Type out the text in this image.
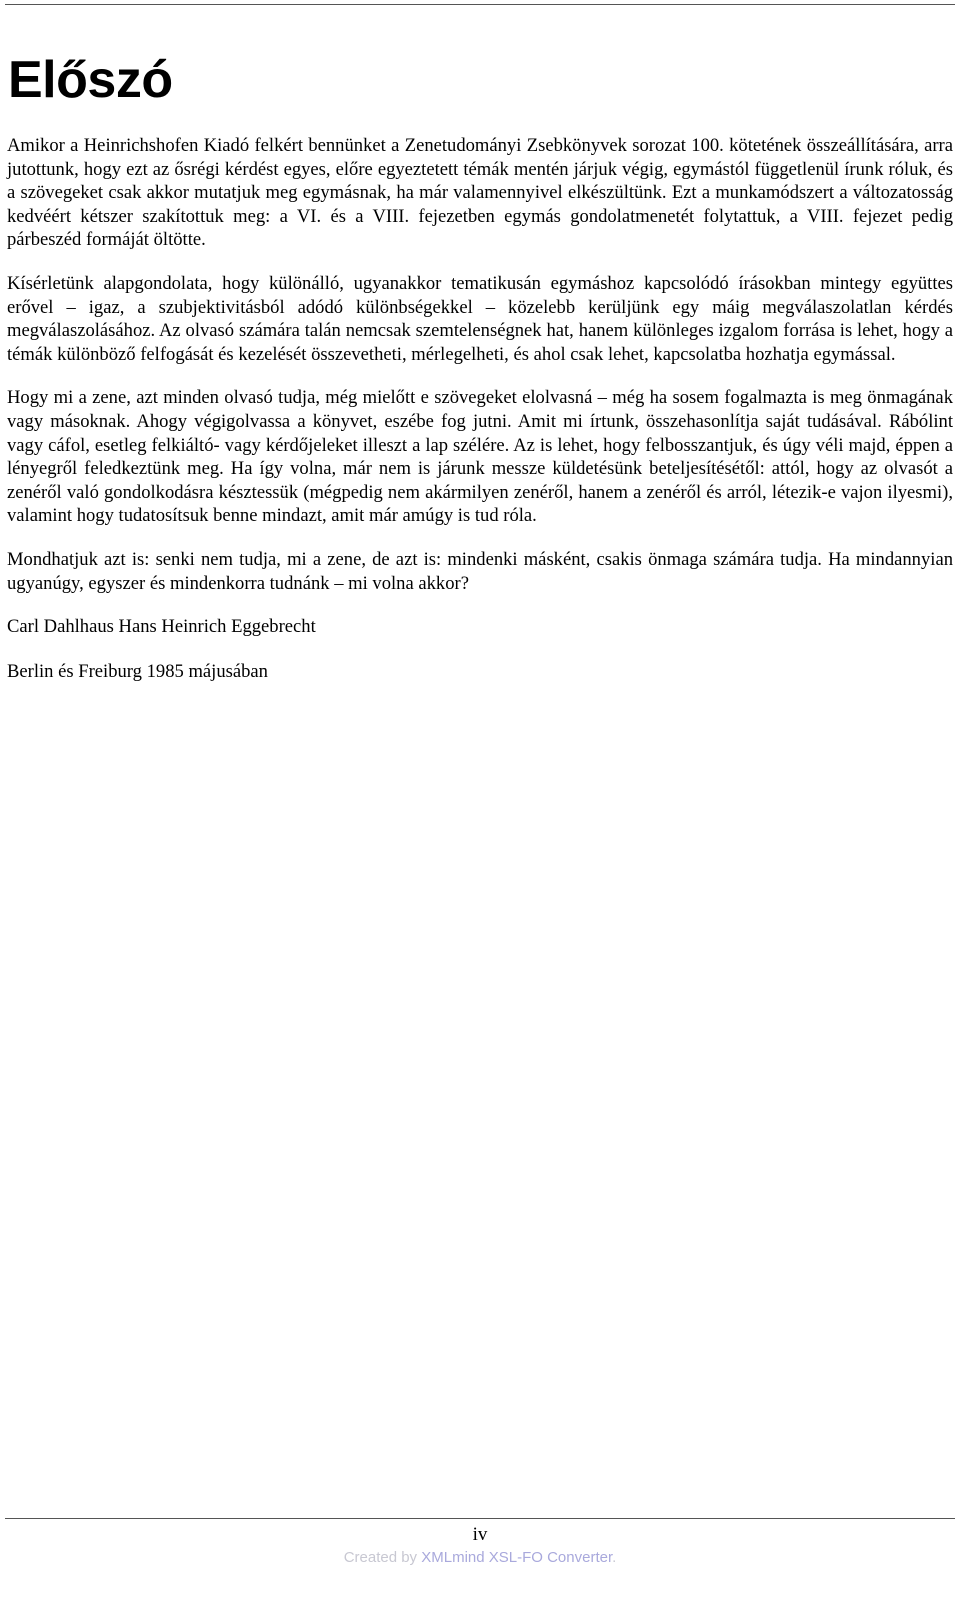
Előszó

Amikor a Heinrichshofen Kiadó felkért bennünket a Zenetudományi Zsebkönyvek sorozat 100. kötetének összeállítására, arra jutottunk, hogy ezt az ősrégi kérdést egyes, előre egyeztetett témák mentén járjuk végig, egymástól függetlenül írunk róluk, és a szövegeket csak akkor mutatjuk meg egymásnak, ha már valamennyivel elkészültünk. Ezt a munkamódszert a változatosság kedvéért kétszer szakítottuk meg: a VI. és a VIII. fejezetben egymás gondolatmenetét folytattuk, a VIII. fejezet pedig párbeszéd formáját öltötte.

Kísérletünk alapgondolata, hogy különálló, ugyanakkor tematikusán egymáshoz kapcsolódó írásokban mintegy együttes erővel – igaz, a szubjektivitásból adódó különbségekkel – közelebb kerüljünk egy máig megválaszolatlan kérdés megválaszolásához. Az olvasó számára talán nemcsak szemtelenségnek hat, hanem különleges izgalom forrása is lehet, hogy a témák különböző felfogását és kezelését összevetheti, mérlegelheti, és ahol csak lehet, kapcsolatba hozhatja egymással.

Hogy mi a zene, azt minden olvasó tudja, még mielőtt e szövegeket elolvasná – még ha sosem fogalmazta is meg önmagának vagy másoknak. Ahogy végigolvassa a könyvet, eszébe fog jutni. Amit mi írtunk, összehasonlítja saját tudásával. Rábólint vagy cáfol, esetleg felkiáltó- vagy kérdőjeleket illeszt a lap szélére. Az is lehet, hogy felbosszantjuk, és úgy véli majd, éppen a lényegről feledkeztünk meg. Ha így volna, már nem is járunk messze küldetésünk beteljesítésétől: attól, hogy az olvasót a zenéről való gondolkodásra késztessük (mégpedig nem akármilyen zenéről, hanem a zenéről és arról, létezik-e vajon ilyesmi), valamint hogy tudatosítsuk benne mindazt, amit már amúgy is tud róla.

Mondhatjuk azt is: senki nem tudja, mi a zene, de azt is: mindenki másként, csakis önmaga számára tudja. Ha mindannyian ugyanúgy, egyszer és mindenkorra tudnánk – mi volna akkor?

Carl Dahlhaus Hans Heinrich Eggebrecht

Berlin és Freiburg 1985 májusában

iv
Created by XMLmind XSL-FO Converter.
